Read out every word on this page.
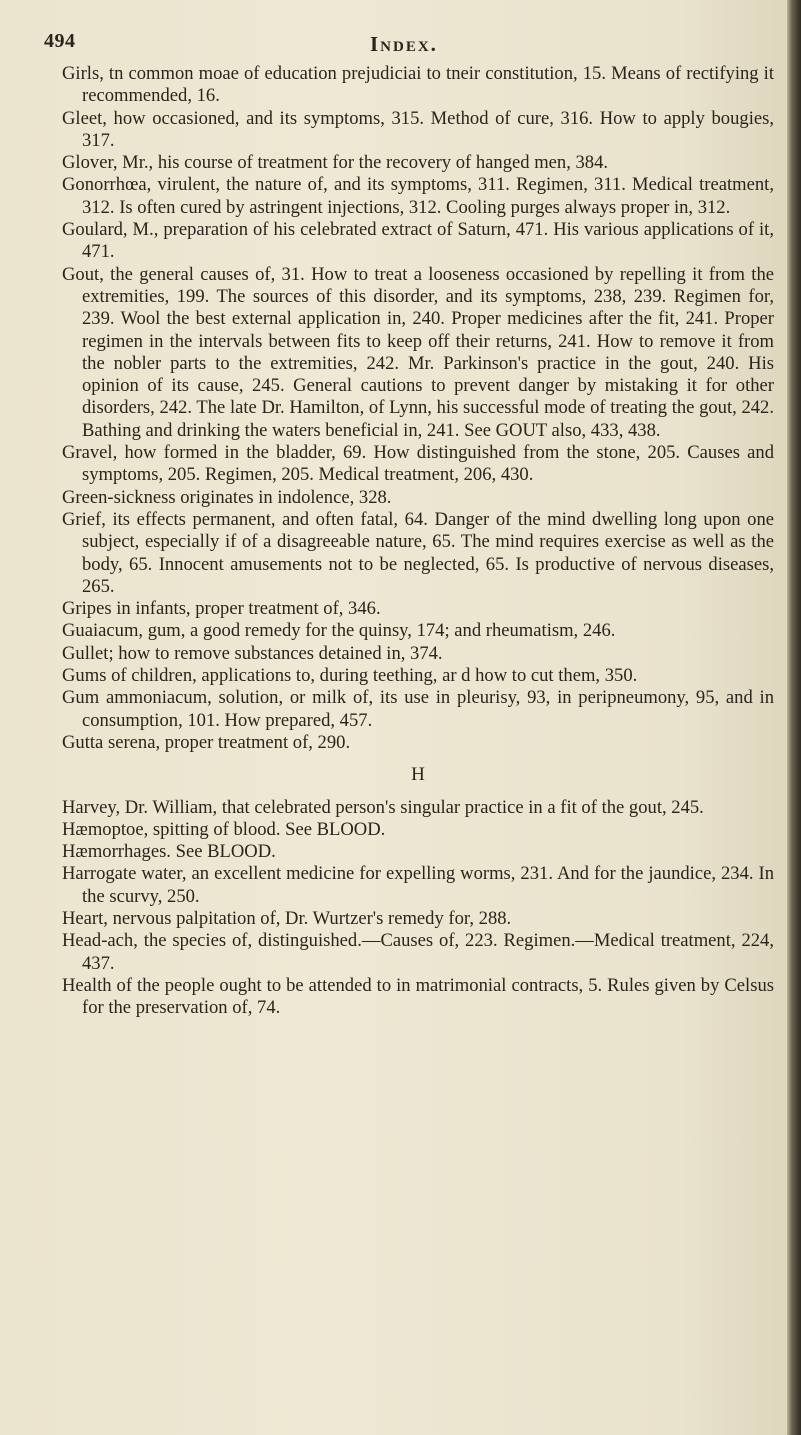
494	Index.

Girls, tn common moae of education prejudiciai to tneir constitution, 15. Means of rectifying it recommended, 16.

Gleet, how occasioned, and its symptoms, 315. Method of cure, 316. How to apply bougies, 317.

Glover, Mr., his course of treatment for the recovery of hanged men, 384.

Gonorrhœa, virulent, the nature of, and its symptoms, 311. Regimen, 311. Medical treatment, 312. Is often cured by astringent injections, 312. Cooling purges always proper in, 312.

Goulard, M., preparation of his celebrated extract of Saturn, 471. His various applications of it, 471.

Gout, the general causes of, 31. How to treat a looseness occasioned by repelling it from the extremities, 199. The sources of this disorder, and its symptoms, 238, 239. Regimen for, 239. Wool the best external application in, 240. Proper medicines after the fit, 241. Proper regimen in the intervals between fits to keep off their returns, 241. How to remove it from the nobler parts to the extremities, 242. Mr. Parkinson's practice in the gout, 240. His opinion of its cause, 245. General cautions to prevent danger by mistaking it for other disorders, 242. The late Dr. Hamilton, of Lynn, his successful mode of treating the gout, 242. Bathing and drinking the waters beneficial in, 241. See GOUT also, 433, 438.

Gravel, how formed in the bladder, 69. How distinguished from the stone, 205. Causes and symptoms, 205. Regimen, 205. Medical treatment, 206, 430.

Green-sickness originates in indolence, 328.

Grief, its effects permanent, and often fatal, 64. Danger of the mind dwelling long upon one subject, especially if of a disagreeable nature, 65. The mind requires exercise as well as the body, 65. Innocent amusements not to be neglected, 65. Is productive of nervous diseases, 265.

Gripes in infants, proper treatment of, 346.

Guaiacum, gum, a good remedy for the quinsy, 174; and rheumatism, 246.

Gullet; how to remove substances detained in, 374.

Gums of children, applications to, during teething, ar d how to cut them, 350.

Gum ammoniacum, solution, or milk of, its use in pleurisy, 93, in peripneumony, 95, and in consumption, 101. How prepared, 457.

Gutta serena, proper treatment of, 290.

H

Harvey, Dr. William, that celebrated person's singular practice in a fit of the gout, 245.

Hæmoptoe, spitting of blood. See BLOOD.

Hæmorrhages. See BLOOD.

Harrogate water, an excellent medicine for expelling worms, 231. And for the jaundice, 234. In the scurvy, 250.

Heart, nervous palpitation of, Dr. Wurtzer's remedy for, 288.

Head-ach, the species of, distinguished.—Causes of, 223. Regimen.—Medical treatment, 224, 437.

Health of the people ought to be attended to in matrimonial contracts, 5. Rules given by Celsus for the preservation of, 74.
